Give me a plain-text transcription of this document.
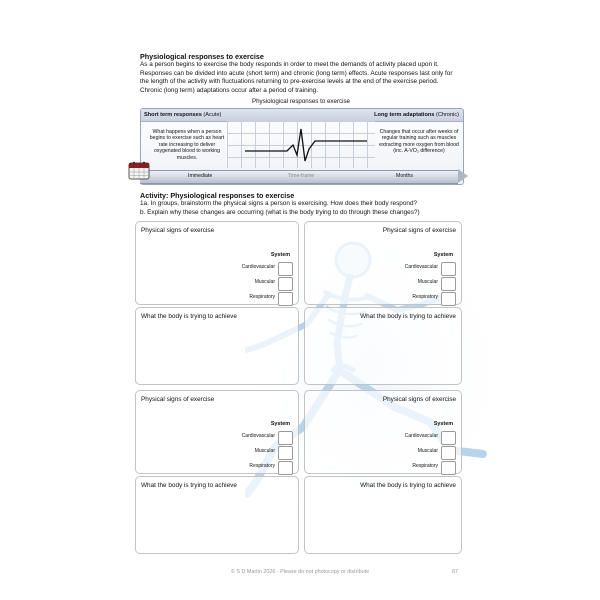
Physiological responses to exercise
As a person begins to exercise the body responds in order to meet the demands of activity placed upon it. Responses can be divided into acute (short term) and chronic (long term) effects. Acute responses last only for the length of the activity with fluctuations returning to pre-exercise levels at the end of the exercise period. Chronic (long term) adaptations occur after a period of training.
Physiological responses to exercise
Short term responses (Acute)	Long term adaptations (Chronic)
What happens when a person begins to exercise such as heart rate increasing to deliver oxygenated blood to working muscles.
Changes that occur after weeks of regular training such as muscles extracting more oxygen from blood (inc. A-VO₂ difference)
Immediate	Time-frame	Months
Activity: Physiological responses to exercise
1a. In groups, brainstorm the physical signs a person is exercising. How does their body respond?
b. Explain why these changes are occurring (what is the body trying to do through these changes?)
Physical signs of exercise
System
Cardiovascular
Muscular
Respiratory
Physical signs of exercise
System
Cardiovascular
Muscular
Respiratory
What the body is trying to achieve	What the body is trying to achieve
Physical signs of exercise
System
Cardiovascular
Muscular
Respiratory
Physical signs of exercise
System
Cardiovascular
Muscular
Respiratory
What the body is trying to achieve	What the body is trying to achieve
© S D Martin 2026 - Please do not photocopy or distribute	87
